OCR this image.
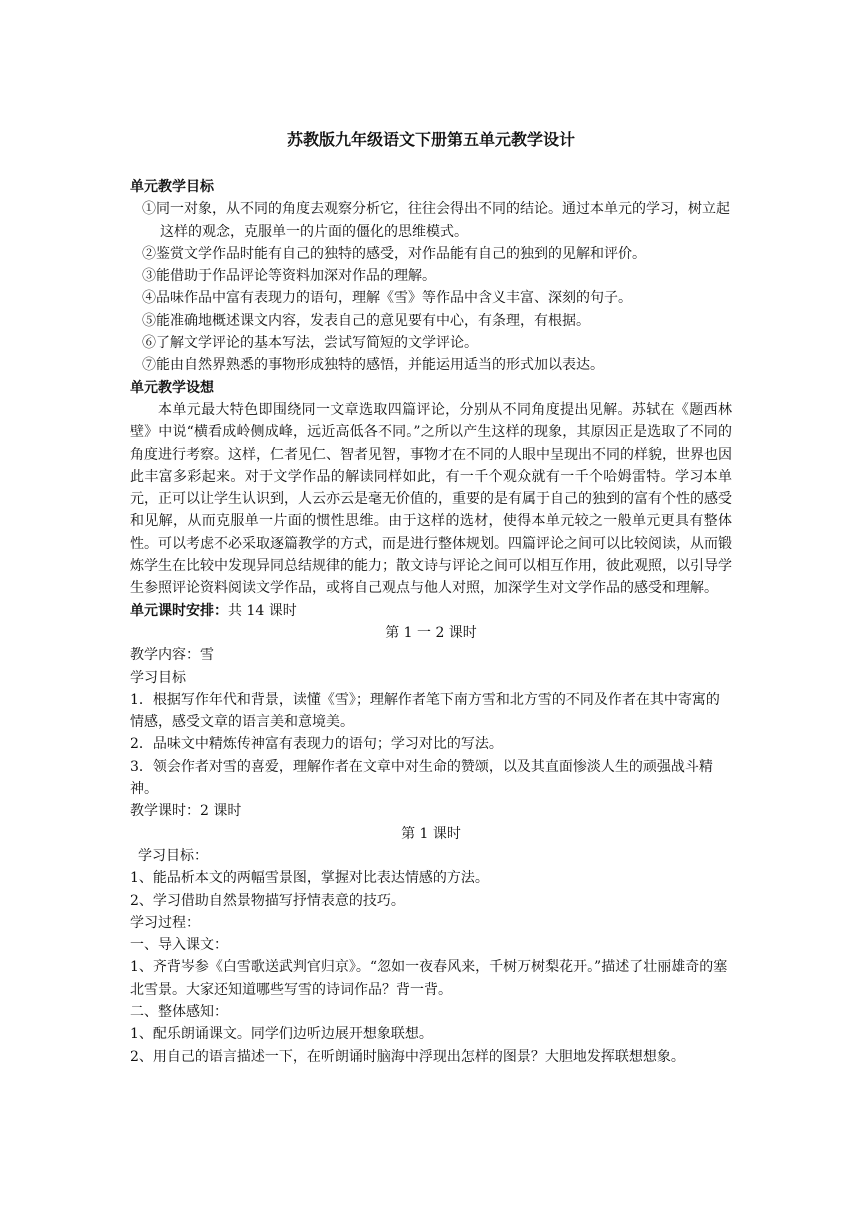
苏教版九年级语文下册第五单元教学设计

单元教学目标

①同一对象，从不同的角度去观察分析它，往往会得出不同的结论。通过本单元的学习，树立起这样的观念，克服单一的片面的僵化的思维模式。

②鉴赏文学作品时能有自己的独特的感受，对作品能有自己的独到的见解和评价。

③能借助于作品评论等资料加深对作品的理解。

④品味作品中富有表现力的语句，理解《雪》等作品中含义丰富、深刻的句子。

⑤能准确地概述课文内容，发表自己的意见要有中心，有条理，有根据。

⑥了解文学评论的基本写法，尝试写简短的文学评论。

⑦能由自然界熟悉的事物形成独特的感悟，并能运用适当的形式加以表达。

单元教学设想

本单元最大特色即围绕同一文章选取四篇评论，分别从不同角度提出见解。苏轼在《题西林壁》中说“横看成岭侧成峰，远近高低各不同。”之所以产生这样的现象，其原因正是选取了不同的角度进行考察。这样，仁者见仁、智者见智，事物才在不同的人眼中呈现出不同的样貌，世界也因此丰富多彩起来。对于文学作品的解读同样如此，有一千个观众就有一千个哈姆雷特。学习本单元，正可以让学生认识到，人云亦云是毫无价值的，重要的是有属于自己的独到的富有个性的感受和见解，从而克服单一片面的惯性思维。由于这样的选材，使得本单元较之一般单元更具有整体性。可以考虑不必采取逐篇教学的方式，而是进行整体规划。四篇评论之间可以比较阅读，从而锻炼学生在比较中发现异同总结规律的能力；散文诗与评论之间可以相互作用，彼此观照，以引导学生参照评论资料阅读文学作品，或将自己观点与他人对照，加深学生对文学作品的感受和理解。

单元课时安排：共 14 课时

第 1 一 2 课时

教学内容：雪

学习目标

1．根据写作年代和背景，读懂《雪》；理解作者笔下南方雪和北方雪的不同及作者在其中寄寓的情感，感受文章的语言美和意境美。

2．品味文中精炼传神富有表现力的语句；学习对比的写法。

3．领会作者对雪的喜爱，理解作者在文章中对生命的赞颂，以及其直面惨淡人生的顽强战斗精神。

教学课时：2 课时

第 1 课时

学习目标：

1、能品析本文的两幅雪景图，掌握对比表达情感的方法。

2、学习借助自然景物描写抒情表意的技巧。

学习过程：

一、导入课文：

1、齐背岑参《白雪歌送武判官归京》。“忽如一夜春风来，千树万树梨花开。”描述了壮丽雄奇的塞北雪景。大家还知道哪些写雪的诗词作品？背一背。

二、整体感知：

1、配乐朗诵课文。同学们边听边展开想象联想。

2、用自己的语言描述一下，在听朗诵时脑海中浮现出怎样的图景？大胆地发挥联想想象。
